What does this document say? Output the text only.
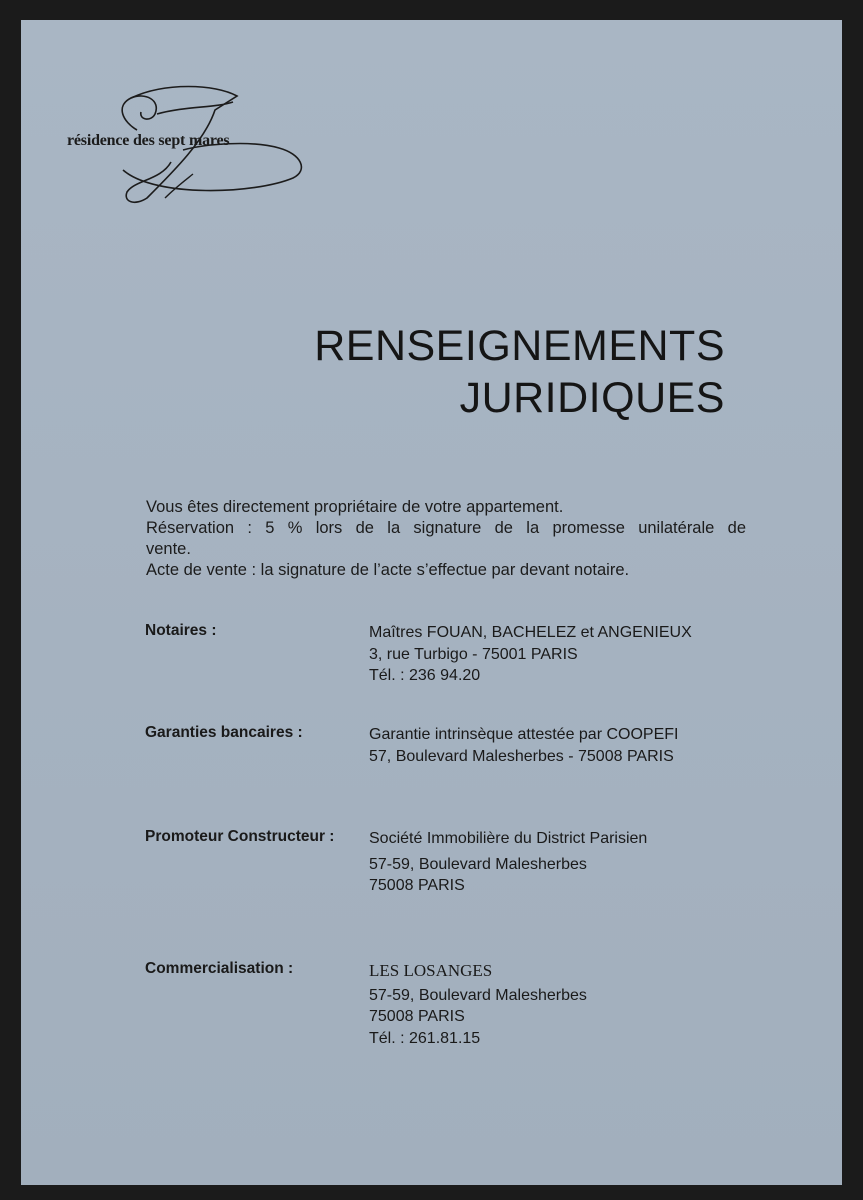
résidence des sept mares
RENSEIGNEMENTS
JURIDIQUES
Vous êtes directement propriétaire de votre appartement.
Réservation : 5 % lors de la signature de la promesse unilatérale de
vente.
Acte de vente : la signature de l’acte s’effectue par devant notaire.
Notaires :	Maîtres FOUAN, BACHELEZ et ANGENIEUX
3, rue Turbigo - 75001 PARIS
Tél. : 236 94.20
Garanties bancaires :	Garantie intrinsèque attestée par COOPEFI
57, Boulevard Malesherbes - 75008 PARIS
Promoteur Constructeur : Société Immobilière du District Parisien
57-59, Boulevard Malesherbes
75008 PARIS
Commercialisation :	LES LOSANGES
57-59, Boulevard Malesherbes
75008 PARIS
Tél. : 261.81.15
